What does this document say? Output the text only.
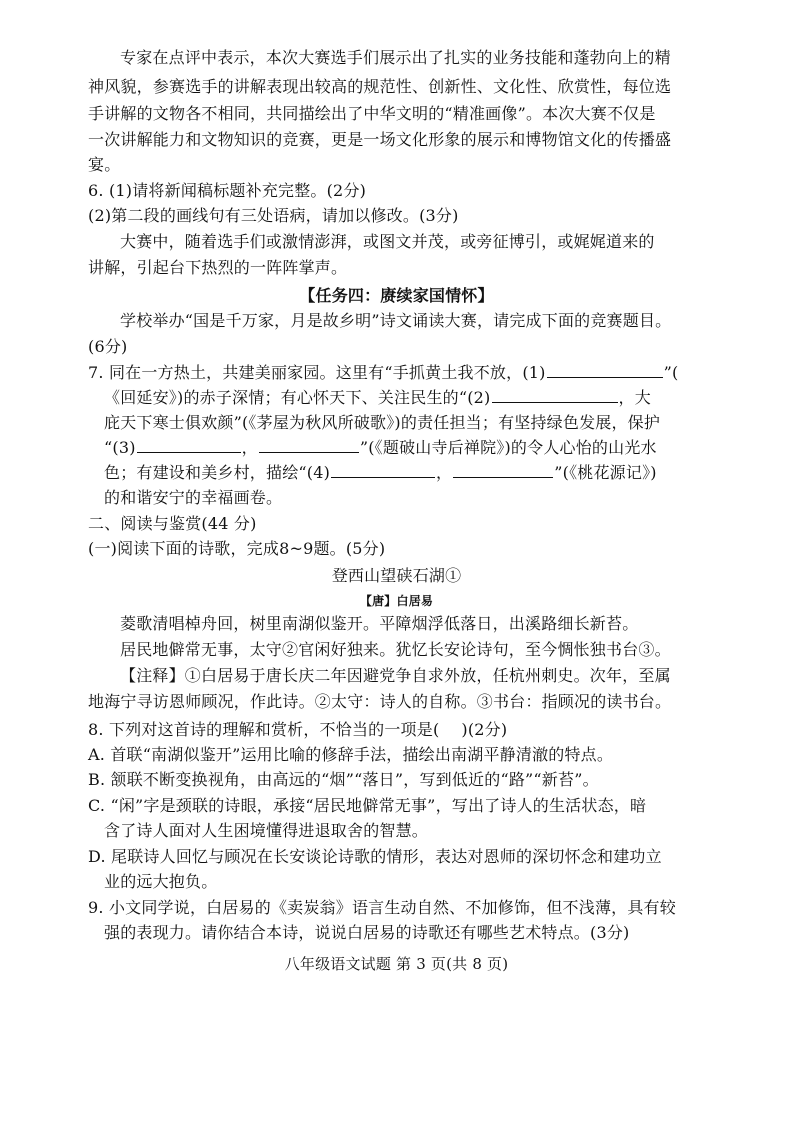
专家在点评中表示，本次大赛选手们展示出了扎实的业务技能和蓬勃向上的精

神风貌，参赛选手的讲解表现出较高的规范性、创新性、文化性、欣赏性，每位选

手讲解的文物各不相同，共同描绘出了中华文明的“精准画像”。本次大赛不仅是

一次讲解能力和文物知识的竞赛，更是一场文化形象的展示和博物馆文化的传播盛

宴。

6. (1)请将新闻稿标题补充完整。(2分)

(2)第二段的画线句有三处语病，请加以修改。(3分)

大赛中，随着选手们或激情澎湃，或图文并茂，或旁征博引，或娓娓道来的

讲解，引起台下热烈的一阵阵掌声。

【任务四：赓续家国情怀】

学校举办“国是千万家，月是故乡明”诗文诵读大赛，请完成下面的竞赛题目。

(6分)

7. 同在一方热土，共建美丽家园。这里有“手抓黄土我不放，(1)	”(

《回延安》)的赤子深情；有心怀天下、关注民生的“(2)	，大

庇天下寒士俱欢颜”(《茅屋为秋风所破歌》)的责任担当；有坚持绿色发展，保护

“(3)	，	”(《题破山寺后禅院》)的令人心怡的山光水

色；有建设和美乡村，描绘“(4)	，	”(《桃花源记》)

的和谐安宁的幸福画卷。

二、阅读与鉴赏(44 分)

(一)阅读下面的诗歌，完成8~9题。(5分)

登西山望硖石湖①

【唐】白居易

菱歌清唱棹舟回，树里南湖似鉴开。平障烟浮低落日，出溪路细长新苔。

居民地僻常无事，太守②官闲好独来。犹忆长安论诗句，至今惆怅独书台③。

【注释】①白居易于唐长庆二年因避党争自求外放，任杭州刺史。次年，至属

地海宁寻访恩师顾况，作此诗。②太守：诗人的自称。③书台：指顾况的读书台。

8. 下列对这首诗的理解和赏析，不恰当的一项是( )(2分)

A. 首联“南湖似鉴开”运用比喻的修辞手法，描绘出南湖平静清澈的特点。

B. 颔联不断变换视角，由高远的“烟”“落日”，写到低近的“路”“新苔”。

C. “闲”字是颈联的诗眼，承接“居民地僻常无事”，写出了诗人的生活状态，暗

含了诗人面对人生困境懂得进退取舍的智慧。

D. 尾联诗人回忆与顾况在长安谈论诗歌的情形，表达对恩师的深切怀念和建功立

业的远大抱负。

9. 小文同学说，白居易的《卖炭翁》语言生动自然、不加修饰，但不浅薄，具有较

强的表现力。请你结合本诗，说说白居易的诗歌还有哪些艺术特点。(3分)

八年级语文试题 第 3 页(共 8 页)
